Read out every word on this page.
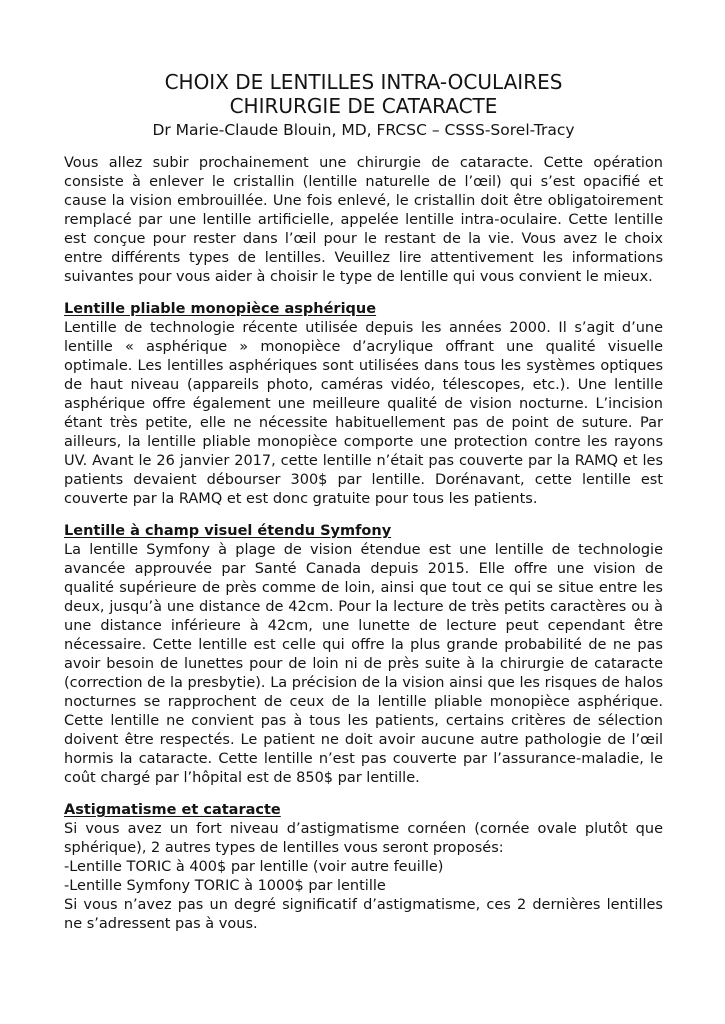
CHOIX DE LENTILLES INTRA-OCULAIRES
CHIRURGIE DE CATARACTE
Dr Marie-Claude Blouin, MD, FRCSC – CSSS-Sorel-Tracy

Vous allez subir prochainement une chirurgie de cataracte. Cette opération consiste à enlever le cristallin (lentille naturelle de l’œil) qui s’est opacifié et cause la vision embrouillée. Une fois enlevé, le cristallin doit être obligatoirement remplacé par une lentille artificielle, appelée lentille intra-oculaire. Cette lentille est conçue pour rester dans l’œil pour le restant de la vie. Vous avez le choix entre différents types de lentilles. Veuillez lire attentivement les informations suivantes pour vous aider à choisir le type de lentille qui vous convient le mieux.

Lentille pliable monopièce asphérique

Lentille de technologie récente utilisée depuis les années 2000. Il s’agit d’une lentille « asphérique » monopièce d’acrylique offrant une qualité visuelle optimale. Les lentilles asphériques sont utilisées dans tous les systèmes optiques de haut niveau (appareils photo, caméras vidéo, télescopes, etc.). Une lentille asphérique offre également une meilleure qualité de vision nocturne. L’incision étant très petite, elle ne nécessite habituellement pas de point de suture. Par ailleurs, la lentille pliable monopièce comporte une protection contre les rayons UV. Avant le 26 janvier 2017, cette lentille n’était pas couverte par la RAMQ et les patients devaient débourser 300$ par lentille. Dorénavant, cette lentille est couverte par la RAMQ et est donc gratuite pour tous les patients.

Lentille à champ visuel étendu Symfony

La lentille Symfony à plage de vision étendue est une lentille de technologie avancée approuvée par Santé Canada depuis 2015. Elle offre une vision de qualité supérieure de près comme de loin, ainsi que tout ce qui se situe entre les deux, jusqu’à une distance de 42cm. Pour la lecture de très petits caractères ou à une distance inférieure à 42cm, une lunette de lecture peut cependant être nécessaire. Cette lentille est celle qui offre la plus grande probabilité de ne pas avoir besoin de lunettes pour de loin ni de près suite à la chirurgie de cataracte (correction de la presbytie). La précision de la vision ainsi que les risques de halos nocturnes se rapprochent de ceux de la lentille pliable monopièce asphérique. Cette lentille ne convient pas à tous les patients, certains critères de sélection doivent être respectés. Le patient ne doit avoir aucune autre pathologie de l’œil hormis la cataracte. Cette lentille n’est pas couverte par l’assurance-maladie, le coût chargé par l’hôpital est de 850$ par lentille.

Astigmatisme et cataracte

Si vous avez un fort niveau d’astigmatisme cornéen (cornée ovale plutôt que sphérique), 2 autres types de lentilles vous seront proposés:

-Lentille TORIC à 400$ par lentille (voir autre feuille)

-Lentille Symfony TORIC à 1000$ par lentille

Si vous n’avez pas un degré significatif d’astigmatisme, ces 2 dernières lentilles ne s’adressent pas à vous.
